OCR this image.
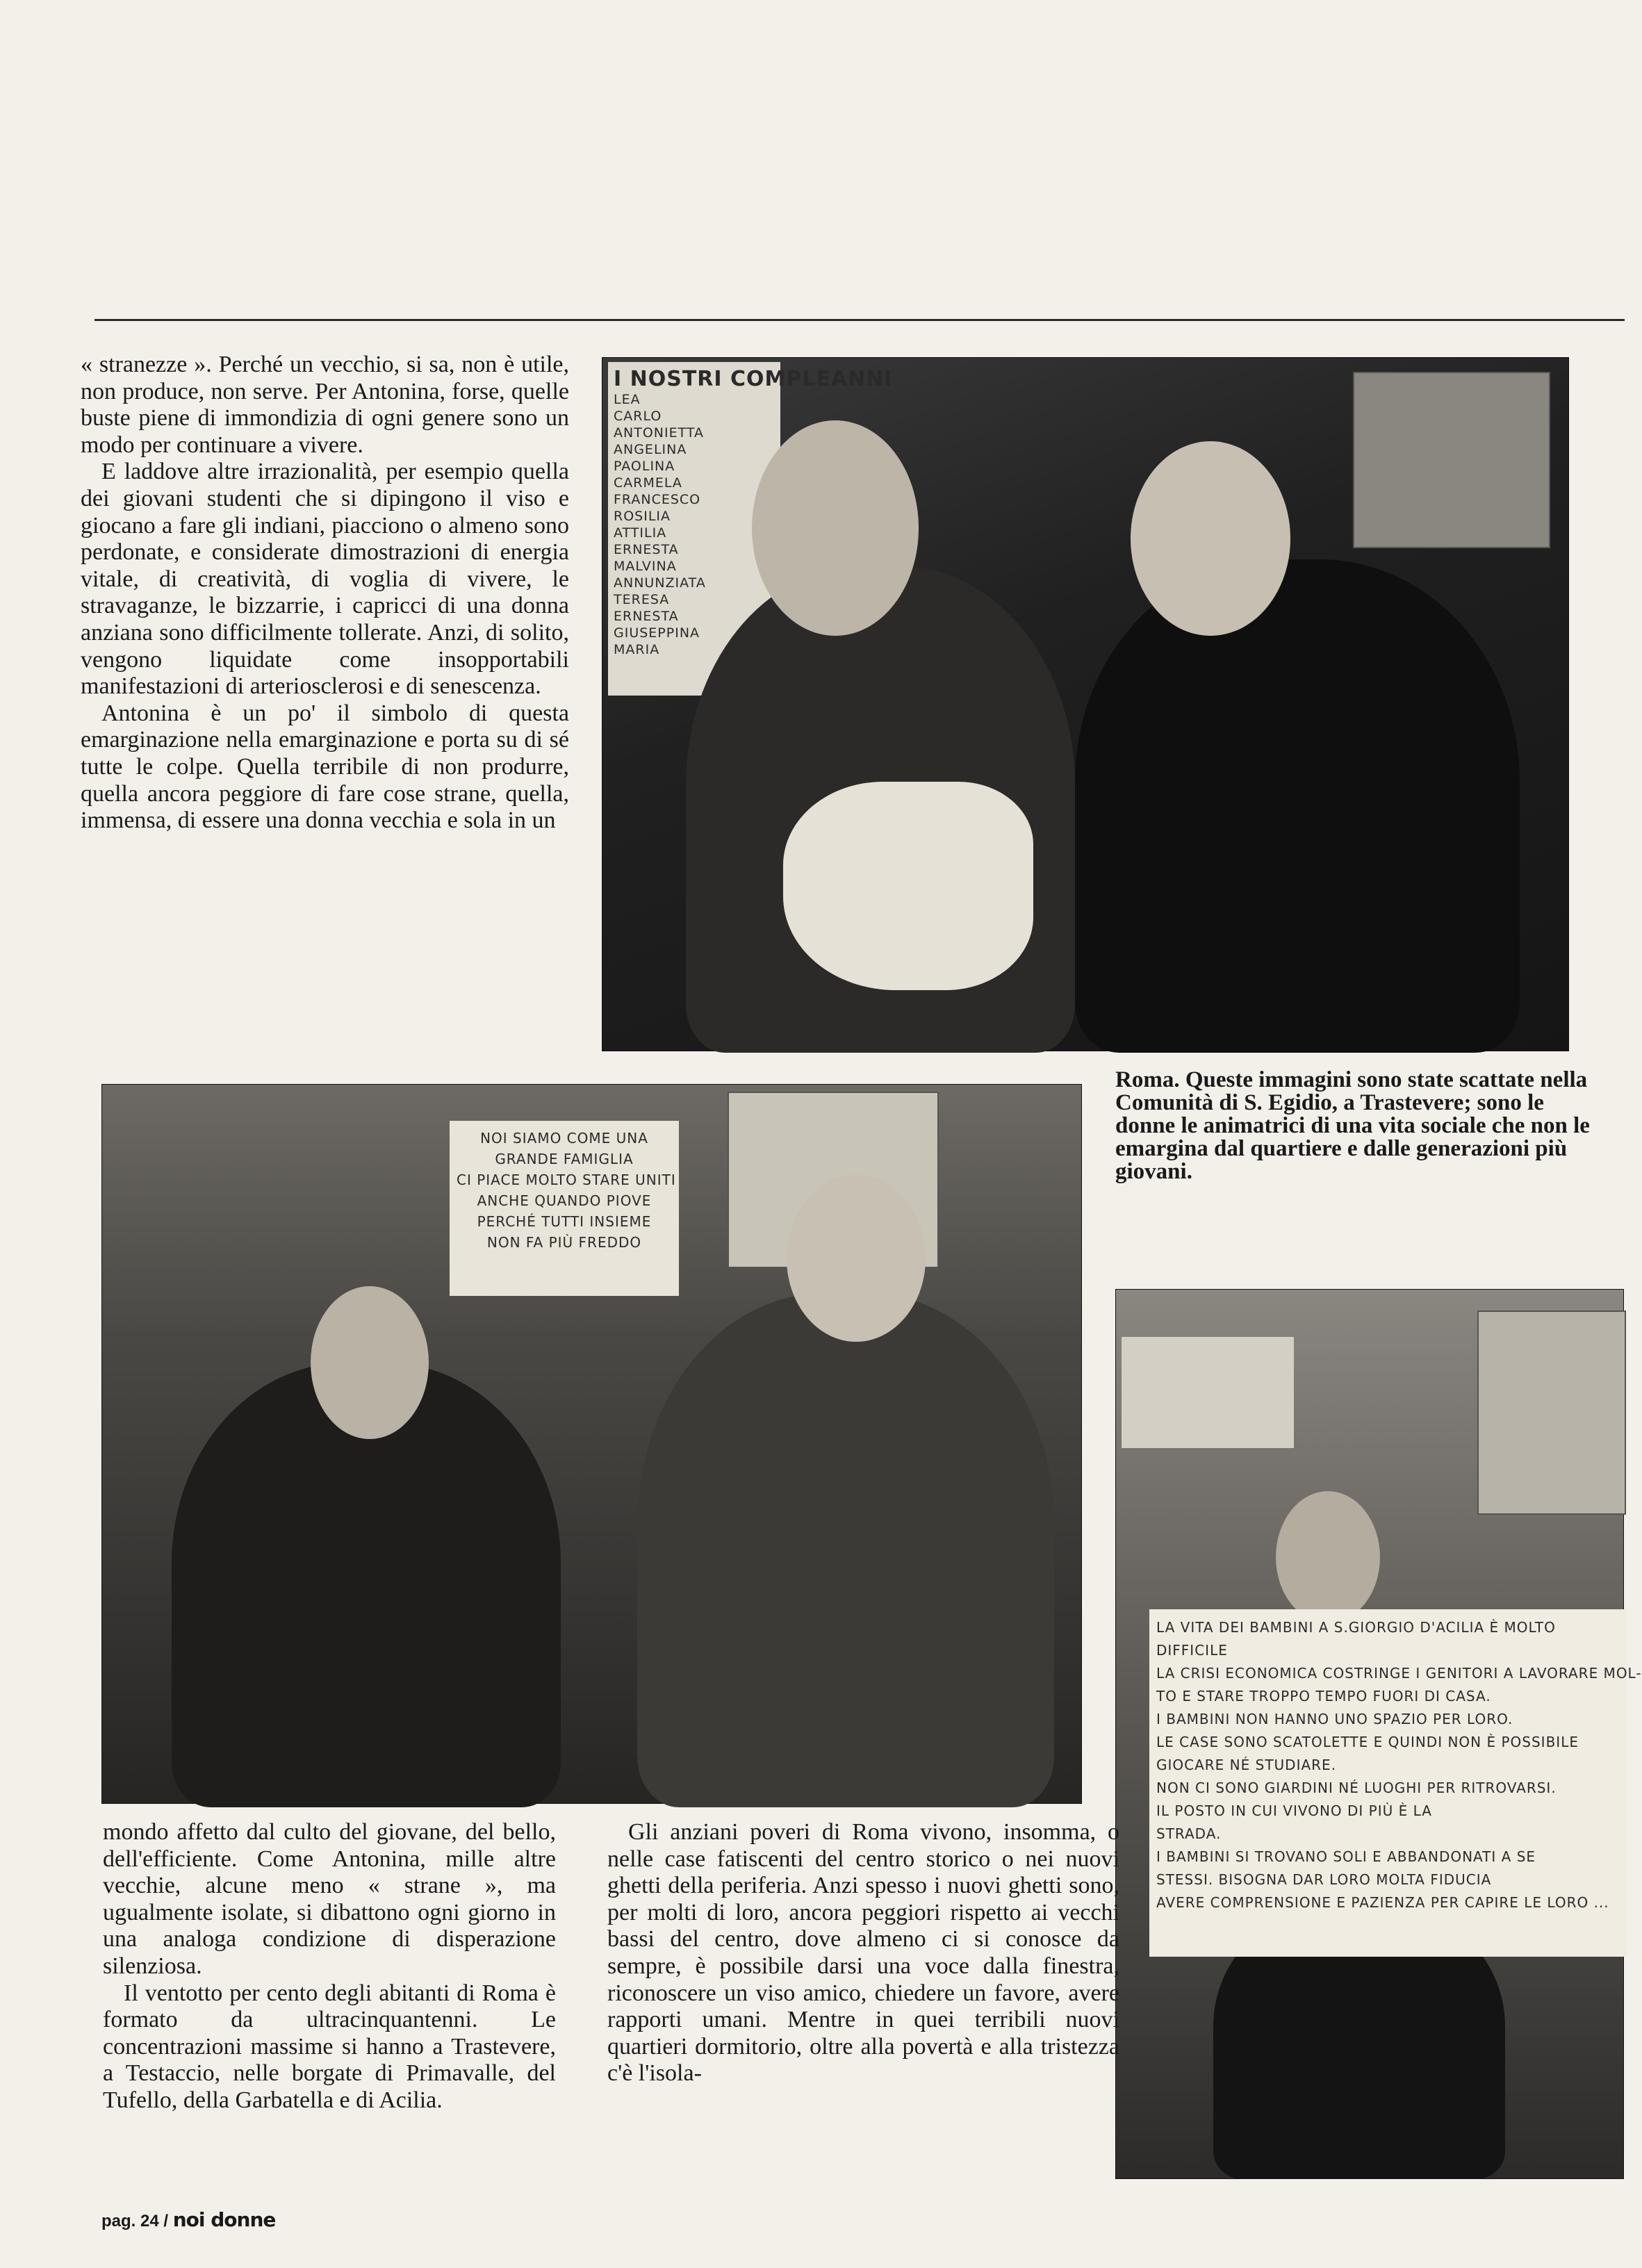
« stranezze ». Perché un vecchio, si sa, non è utile, non produce, non serve. Per Antonina, forse, quelle buste piene di immondizia di ogni genere sono un modo per continuare a vivere.

E laddove altre irrazionalità, per esempio quella dei giovani studenti che si dipingono il viso e giocano a fare gli indiani, piacciono o almeno sono perdonate, e considerate dimostrazioni di energia vitale, di creatività, di voglia di vivere, le stravaganze, le bizzarrie, i capricci di una donna anziana sono difficilmente tollerate. Anzi, di solito, vengono liquidate come insopportabili manifestazioni di arteriosclerosi e di senescenza.

Antonina è un po' il simbolo di questa emarginazione nella emarginazione e porta su di sé tutte le colpe. Quella terribile di non produrre, quella ancora peggiore di fare cose strane, quella, immensa, di essere una donna vecchia e sola in un

I NOSTRI COMPLEANNI
LEA
CARLO
ANTONIETTA
ANGELINA
PAOLINA
CARMELA
FRANCESCO
ROSILIA
ATTILIA
ERNESTA
MALVINA
ANNUNZIATA
TERESA
ERNESTA
GIUSEPPINA
MARIA
NOI SIAMO COME UNA
GRANDE FAMIGLIA
CI PIACE MOLTO STARE UNITI
ANCHE QUANDO PIOVE
PERCHÉ TUTTI INSIEME
NON FA PIÙ FREDDO
Roma. Queste immagini sono state scattate nella Comunità di S. Egidio, a Trastevere; sono le donne le animatrici di una vita sociale che non le emargina dal quartiere e dalle generazioni più giovani.
LA VITA DEI BAMBINI A S.GIORGIO D'ACILIA È MOLTO
DIFFICILE
LA CRISI ECONOMICA COSTRINGE I GENITORI A LAVORARE MOL-
TO E STARE TROPPO TEMPO FUORI DI CASA.
I BAMBINI NON HANNO UNO SPAZIO PER LORO.
LE CASE SONO SCATOLETTE E QUINDI NON È POSSIBILE
GIOCARE NÉ STUDIARE.
NON CI SONO GIARDINI NÉ LUOGHI PER RITROVARSI.
IL POSTO IN CUI VIVONO DI PIÙ È LA
STRADA.
I BAMBINI SI TROVANO SOLI E ABBANDONATI A SE
STESSI. BISOGNA DAR LORO MOLTA FIDUCIA
AVERE COMPRENSIONE E PAZIENZA PER CAPIRE LE LORO ...

mondo affetto dal culto del giovane, del bello, dell'efficiente. Come Antonina, mille altre vecchie, alcune meno « strane », ma ugualmente isolate, si dibattono ogni giorno in una analoga condizione di disperazione silenziosa.

Il ventotto per cento degli abitanti di Roma è formato da ultracinquantenni. Le concentrazioni massime si hanno a Trastevere, a Testaccio, nelle borgate di Primavalle, del Tufello, della Garbatella e di Acilia.

Gli anziani poveri di Roma vivono, insomma, o nelle case fatiscenti del centro storico o nei nuovi ghetti della periferia. Anzi spesso i nuovi ghetti sono, per molti di loro, ancora peggiori rispetto ai vecchi bassi del centro, dove almeno ci si conosce da sempre, è possibile darsi una voce dalla finestra, riconoscere un viso amico, chiedere un favore, avere rapporti umani. Mentre in quei terribili nuovi quartieri dormitorio, oltre alla povertà e alla tristezza c'è l'isola-

pag. 24 / noi donne
